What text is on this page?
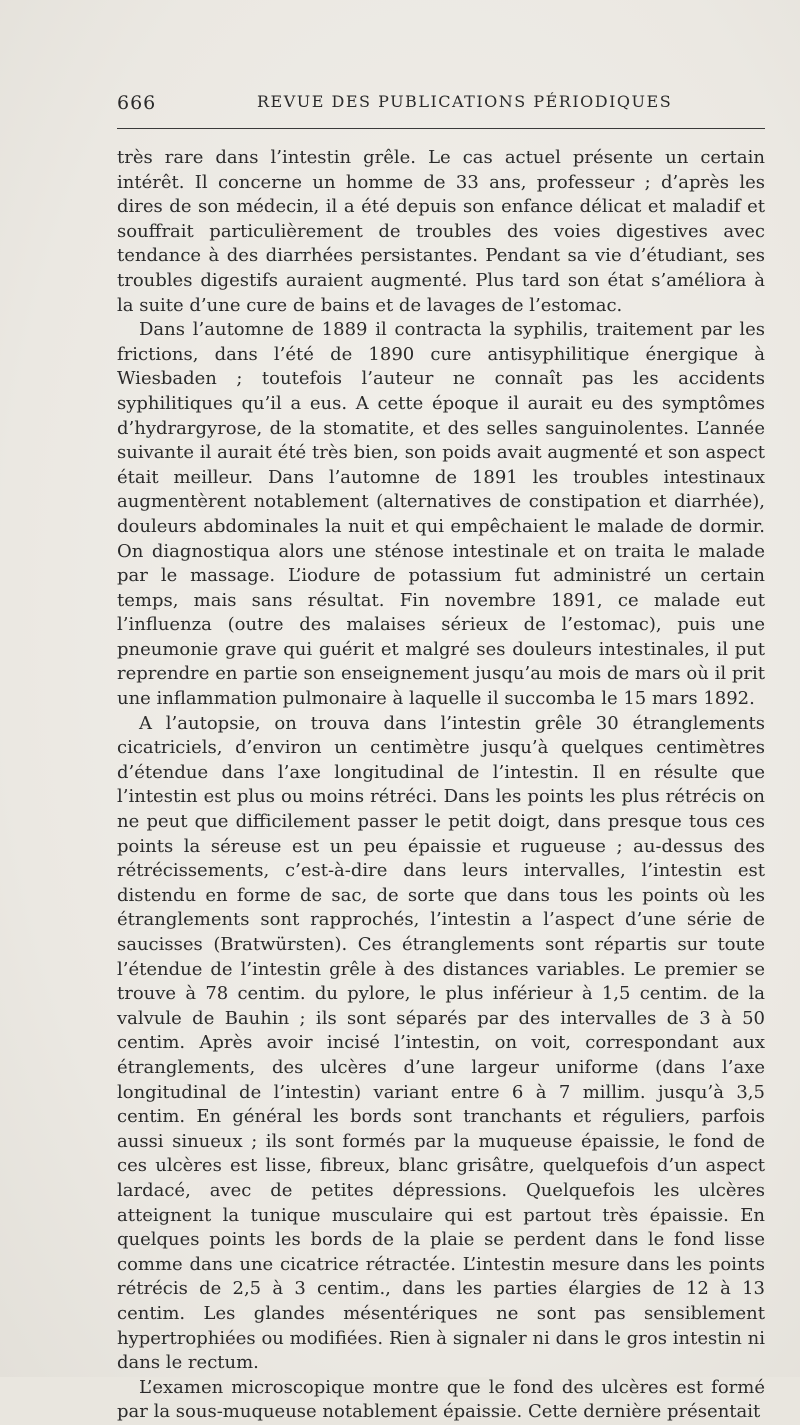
666	REVUE DES PUBLICATIONS PÉRIODIQUES

très rare dans l’intestin grêle. Le cas actuel présente un certain intérêt. Il concerne un homme de 33 ans, professeur ; d’après les dires de son médecin, il a été depuis son enfance délicat et maladif et souffrait particulièrement de troubles des voies digestives avec tendance à des diarrhées persistantes. Pendant sa vie d’étudiant, ses troubles digestifs auraient augmenté. Plus tard son état s’améliora à la suite d’une cure de bains et de lavages de l’estomac.

Dans l’automne de 1889 il contracta la syphilis, traitement par les frictions, dans l’été de 1890 cure antisyphilitique énergique à Wiesbaden ; toutefois l’auteur ne connaît pas les accidents syphilitiques qu’il a eus. A cette époque il aurait eu des symptômes d’hydrargyrose, de la stomatite, et des selles sanguinolentes. L’année suivante il aurait été très bien, son poids avait augmenté et son aspect était meilleur. Dans l’automne de 1891 les troubles intestinaux augmentèrent notablement (alternatives de constipation et diarrhée), douleurs abdominales la nuit et qui empêchaient le malade de dormir. On diagnostiqua alors une sténose intestinale et on traita le malade par le massage. L’iodure de potassium fut administré un certain temps, mais sans résultat. Fin novembre 1891, ce malade eut l’influenza (outre des malaises sérieux de l’estomac), puis une pneumonie grave qui guérit et malgré ses douleurs intestinales, il put reprendre en partie son enseignement jusqu’au mois de mars où il prit une inflammation pulmonaire à laquelle il succomba le 15 mars 1892.

A l’autopsie, on trouva dans l’intestin grêle 30 étranglements cicatriciels, d’environ un centimètre jusqu’à quelques centimètres d’étendue dans l’axe longitudinal de l’intestin. Il en résulte que l’intestin est plus ou moins rétréci. Dans les points les plus rétrécis on ne peut que difficilement passer le petit doigt, dans presque tous ces points la séreuse est un peu épaissie et rugueuse ; au-dessus des rétrécissements, c’est-à-dire dans leurs intervalles, l’intestin est distendu en forme de sac, de sorte que dans tous les points où les étranglements sont rapprochés, l’intestin a l’aspect d’une série de saucisses (Bratwürsten). Ces étranglements sont répartis sur toute l’étendue de l’intestin grêle à des distances variables. Le premier se trouve à 78 centim. du pylore, le plus inférieur à 1,5 centim. de la valvule de Bauhin ; ils sont séparés par des intervalles de 3 à 50 centim. Après avoir incisé l’intestin, on voit, correspondant aux étranglements, des ulcères d’une largeur uniforme (dans l’axe longitudinal de l’intestin) variant entre 6 à 7 millim. jusqu’à 3,5 centim. En général les bords sont tranchants et réguliers, parfois aussi sinueux ; ils sont formés par la muqueuse épaissie, le fond de ces ulcères est lisse, fibreux, blanc grisâtre, quelquefois d’un aspect lardacé, avec de petites dépressions. Quelquefois les ulcères atteignent la tunique musculaire qui est partout très épaissie. En quelques points les bords de la plaie se perdent dans le fond lisse comme dans une cicatrice rétractée. L’intestin mesure dans les points rétrécis de 2,5 à 3 centim., dans les parties élargies de 12 à 13 centim. Les glandes mésentériques ne sont pas sensiblement hypertrophiées ou modifiées. Rien à signaler ni dans le gros intestin ni dans le rectum.

L’examen microscopique montre que le fond des ulcères est formé par la sous-muqueuse notablement épaissie. Cette dernière présentait
